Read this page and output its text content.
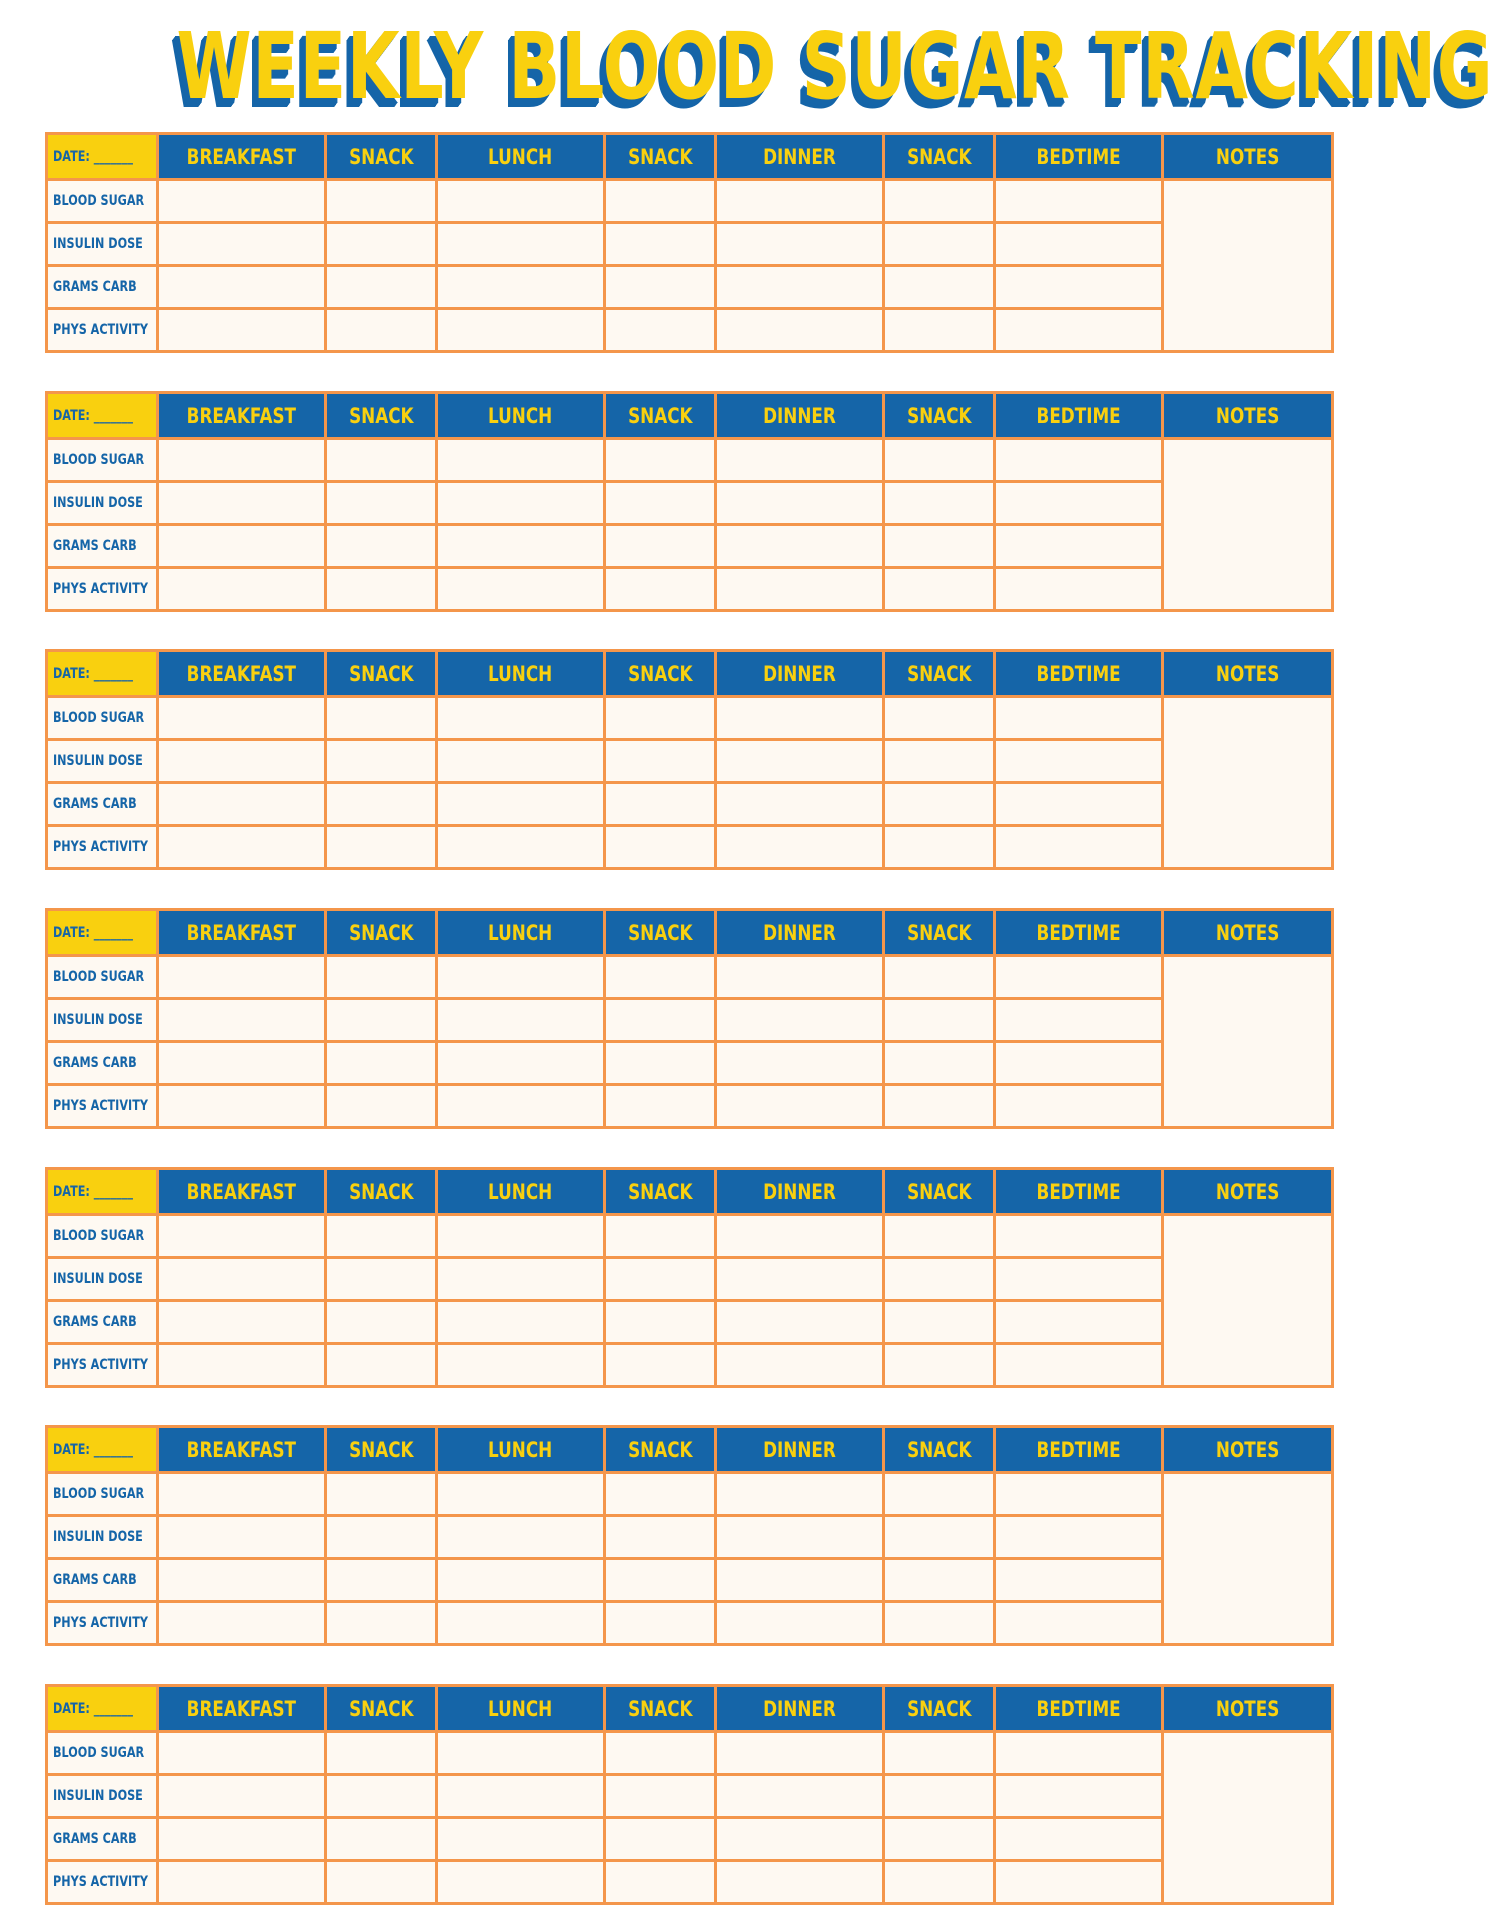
WEEKLY BLOOD SUGAR TRACKING
DATE: _______	BREAKFAST	SNACK	LUNCH	SNACK	DINNER	SNACK	BEDTIME	NOTES
BLOOD SUGAR								
INSULIN DOSE								
GRAMS CARB								
PHYS ACTIVITY								
DATE: _______	BREAKFAST	SNACK	LUNCH	SNACK	DINNER	SNACK	BEDTIME	NOTES
BLOOD SUGAR								
INSULIN DOSE								
GRAMS CARB								
PHYS ACTIVITY								
DATE: _______	BREAKFAST	SNACK	LUNCH	SNACK	DINNER	SNACK	BEDTIME	NOTES
BLOOD SUGAR								
INSULIN DOSE								
GRAMS CARB								
PHYS ACTIVITY								
DATE: _______	BREAKFAST	SNACK	LUNCH	SNACK	DINNER	SNACK	BEDTIME	NOTES
BLOOD SUGAR								
INSULIN DOSE								
GRAMS CARB								
PHYS ACTIVITY								
DATE: _______	BREAKFAST	SNACK	LUNCH	SNACK	DINNER	SNACK	BEDTIME	NOTES
BLOOD SUGAR								
INSULIN DOSE								
GRAMS CARB								
PHYS ACTIVITY								
DATE: _______	BREAKFAST	SNACK	LUNCH	SNACK	DINNER	SNACK	BEDTIME	NOTES
BLOOD SUGAR								
INSULIN DOSE								
GRAMS CARB								
PHYS ACTIVITY								
DATE: _______	BREAKFAST	SNACK	LUNCH	SNACK	DINNER	SNACK	BEDTIME	NOTES
BLOOD SUGAR								
INSULIN DOSE								
GRAMS CARB								
PHYS ACTIVITY								
